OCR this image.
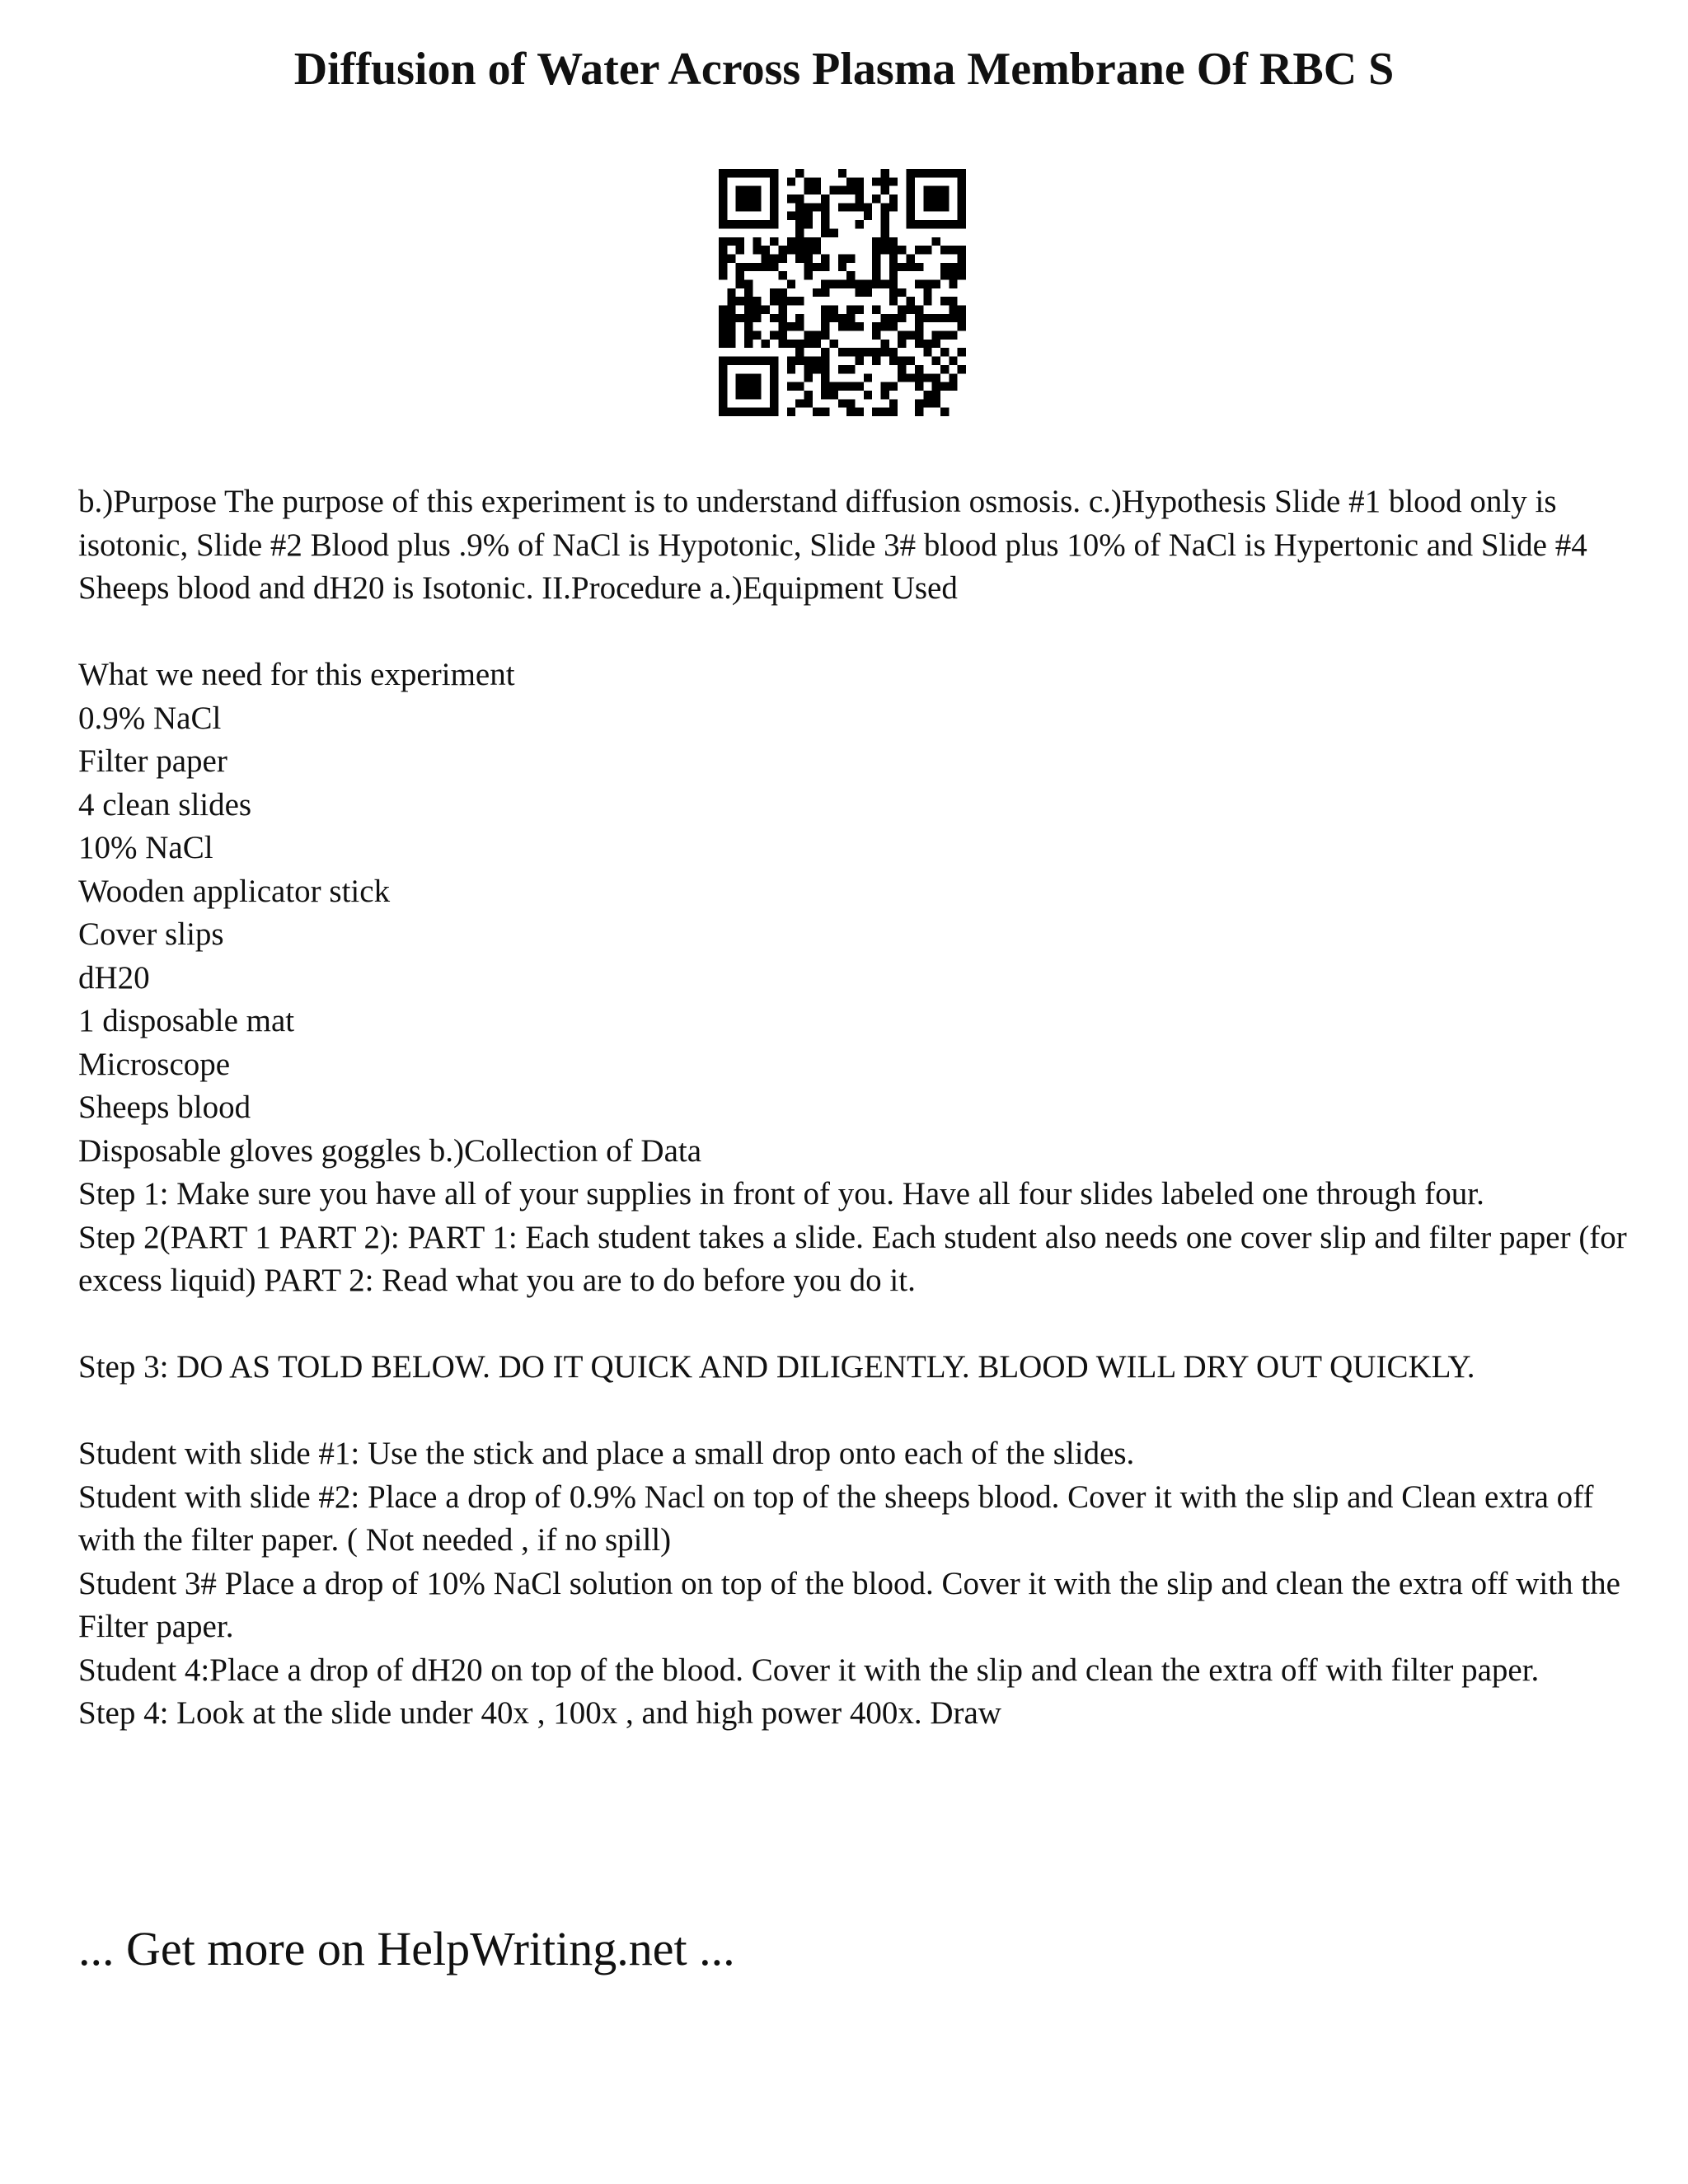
Diffusion of Water Across Plasma Membrane Of RBC S

b.)Purpose The purpose of this experiment is to understand diffusion osmosis. c.)Hypothesis Slide #1 blood only is isotonic, Slide #2 Blood plus .9% of NaCl is Hypotonic, Slide 3# blood plus 10% of NaCl is Hypertonic and Slide #4 Sheeps blood and dH20 is Isotonic. II.Procedure a.)Equipment Used

What we need for this experiment

0.9% NaCl

Filter paper

4 clean slides

10% NaCl

Wooden applicator stick

Cover slips

dH20

1 disposable mat

Microscope

Sheeps blood

Disposable gloves goggles b.)Collection of Data

Step 1: Make sure you have all of your supplies in front of you. Have all four slides labeled one through four.

Step 2(PART 1 PART 2): PART 1: Each student takes a slide. Each student also needs one cover slip and filter paper (for excess liquid) PART 2: Read what you are to do before you do it.

Step 3: DO AS TOLD BELOW. DO IT QUICK AND DILIGENTLY. BLOOD WILL DRY OUT QUICKLY.

Student with slide #1: Use the stick and place a small drop onto each of the slides.

Student with slide #2: Place a drop of 0.9% Nacl on top of the sheeps blood. Cover it with the slip and Clean extra off with the filter paper. ( Not needed , if no spill)

Student 3# Place a drop of 10% NaCl solution on top of the blood. Cover it with the slip and clean the extra off with the Filter paper.

Student 4:Place a drop of dH20 on top of the blood. Cover it with the slip and clean the extra off with filter paper.

Step 4: Look at the slide under 40x , 100x , and high power 400x. Draw

... Get more on HelpWriting.net ...
